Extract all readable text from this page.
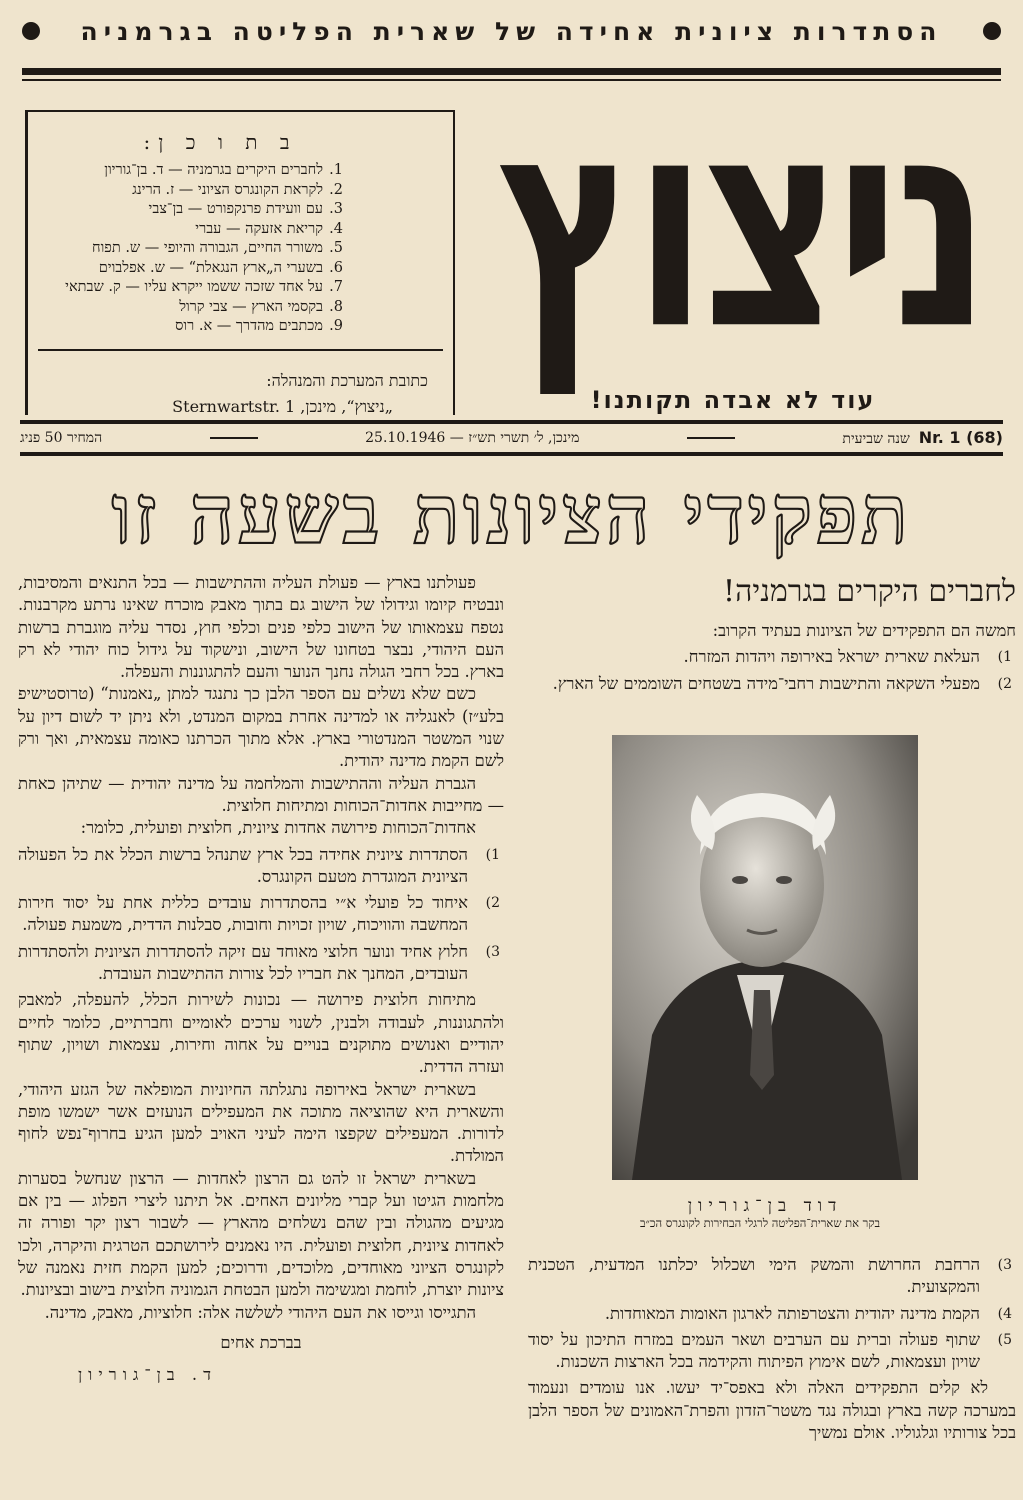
הסתדרות ציונית אחידה של שארית הפליטה בגרמניה
ניצוץ
עוד לא אבדה תקותנו!
ב ת ו כ ן:
1.לחברים היקרים בגרמניה — ד. בן־גוריון
2.לקראת הקונגרס הציוני — ז. הרינג
3.עם וועידת פרנקפורט — בן־צבי
4.קריאת אזעקה — עברי
5.משורר החיים, הגבורה והיופי — ש. תפוח
6.בשערי ה„ארץ הנגאלת“ — ש. אפלבוים
7.על אחד שזכה ששמו ייקרא עליו — ק. שבתאי
8.בקסמי הארץ — צבי קרול
9.מכתבים מהדרך — א. רוס
כתובת המערכת והמנהלה:
„ניצוץ“, מינכן, Sternwartstr. 1
Nr. 1 (68)  שנה שביעית
מינכן, ל׳ תשרי תש״ז — 25.10.1946
המחיר 50 פניג
תפקידי הציונות בשעה זו
לחברים היקרים בגרמניה!

חמשה הם התפקידים של הציונות בעתיד הקרוב:

1)
העלאת שארית ישראל באירופה ויהדות המזרח.
2)
מפעלי השקאה והתישבות רחבי־מידה בשטחים השוממים של הארץ.
דוד בן־גוריון
בקר את שארית־הפליטה לרגלי הבחירות לקונגרס הכ״ב
3)
הרחבת החרושת והמשק הימי ושכלול יכלתנו המדעית, הטכנית והמקצועית.
4)
הקמת מדינה יהודית והצטרפותה לארגון האומות המאוחדות.
5)
שתוף פעולה וברית עם הערבים ושאר העמים במזרח התיכון על יסוד שויון ועצמאות, לשם אימוץ הפיתוח והקידמה בכל הארצות השכנות.

לא קלים התפקידים האלה ולא באפס־יד יעשו. אנו עומדים ונעמוד במערכה קשה בארץ ובגולה נגד משטר־הזדון והפרת־האמונים של הספר הלבן בכל צורותיו וגלגוליו. אולם נמשיך

פעולתנו בארץ — פעולת העליה וההתישבות — בכל התנאים והמסיבות, ונבטיח קיומו וגידולו של הישוב גם בתוך מאבק מוכרח שאינו נרתע מקרבנות. נטפח עצמאותו של הישוב כלפי פנים וכלפי חוץ, נסדר עליה מוגברת ברשות העם היהודי, נבצר בטחונו של הישוב, ונישקוד על גידול כוח יהודי לא רק בארץ. בכל רחבי הגולה נחנך הנוער והעם להתגוננות והעפלה.

כשם שלא נשלים עם הספר הלבן כך נתנגד למתן „נאמנות“ (טרוסטישיפ בלע״ז) לאנגליה או למדינה אחרת במקום המנדט, ולא ניתן יד לשום דיון על שנוי המשטר המנדטורי בארץ. אלא מתוך הכרתנו כאומה עצמאית, ואך ורק לשם הקמת מדינה יהודית.

הגברת העליה וההתישבות והמלחמה על מדינה יהודית — שתיהן כאחת — מחייבות אחדות־הכוחות ומתיחות חלוצית.

אחדות־הכוחות פירושה אחדות ציונית, חלוצית ופועלית, כלומר:

1)
הסתדרות ציונית אחידה בכל ארץ שתנהל ברשות הכלל את כל הפעולה הציונית המוגדרת מטעם הקונגרס.
2)
איחוד כל פועלי א״י בהסתדרות עובדים כללית אחת על יסוד חירות המחשבה והוויכוח, שויון זכויות וחובות, סבלנות הדדית, משמעת פעולה.
3)
חלוץ אחיד ונוער חלוצי מאוחד עם זיקה להסתדרות הציונית ולהסתדרות העובדים, המחנך את חבריו לכל צורות ההתישבות העובדת.

מתיחות חלוצית פירושה — נכונות לשירות הכלל, להעפלה, למאבק ולהתגוננות, לעבודה ולבנין, לשנוי ערכים לאומיים וחברתיים, כלומר לחיים יהודיים ואנושים מתוקנים בנויים על אחוה וחירות, עצמאות ושויון, שתוף ועזרה הדדית.

בשארית ישראל באירופה נתגלתה החיוניות המופלאה של הגזע היהודי, והשארית היא שהוציאה מתוכה את המעפילים הנועזים אשר ישמשו מופת לדורות. המעפילים שקפצו הימה לעיני האויב למען הגיע בחרוף־נפש לחוף המולדת.

בשארית ישראל זו להט גם הרצון לאחדות — הרצון שנחשל בסערות מלחמות הגיטו ועל קברי מליונים האחים. אל תיתנו ליצרי הפלוג — בין אם מגיעים מהגולה ובין שהם נשלחים מהארץ — לשבור רצון יקר ופורה זה לאחדות ציונית, חלוצית ופועלית. היו נאמנים לירושתכם הטרגית והיקרה, ולכו לקונגרס הציוני מאוחדים, מלוכדים, ודרוכים; למען הקמת חזית נאמנה של ציונות יוצרת, לוחמת ומגשימה ולמען הבטחת הגמוניה חלוצית בישוב ובציונות.

התגייסו וגייסו את העם היהודי לשלשה אלה: חלוציות, מאבק, מדינה.

בברכת אחים
ד. בן־גוריון
